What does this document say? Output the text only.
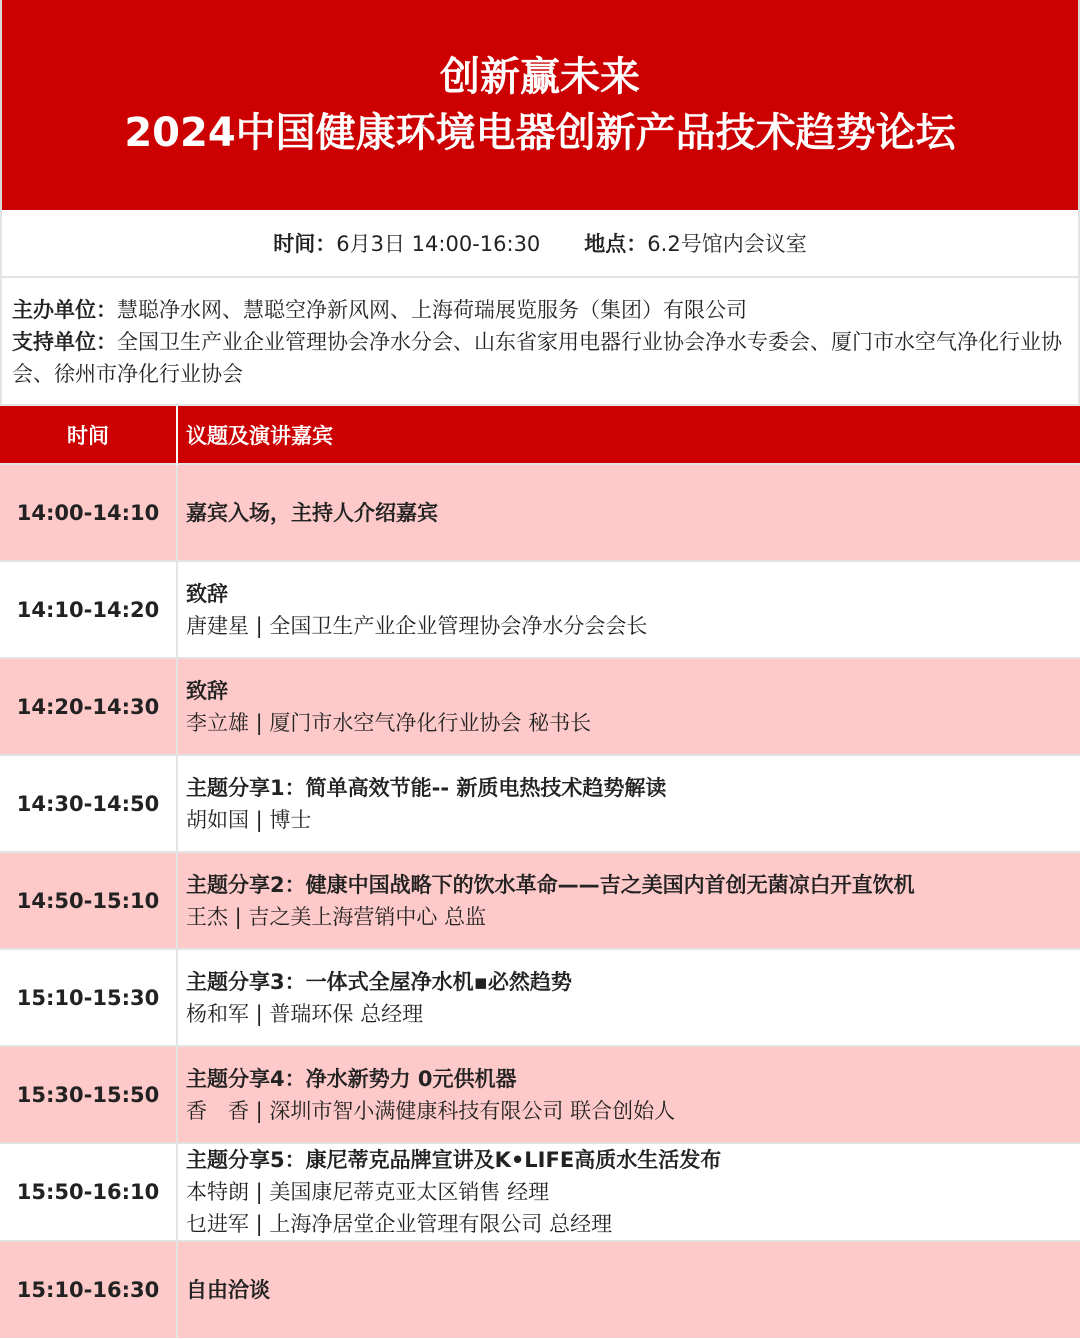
创新赢未来
2024中国健康环境电器创新产品技术趋势论坛
时间：6月3日 14:00-16:30 地点：6.2号馆内会议室
主办单位：慧聪净水网、慧聪空净新风网、上海荷瑞展览服务（集团）有限公司
支持单位：全国卫生产业企业管理协会净水分会、山东省家用电器行业协会净水专委会、厦门市水空气净化行业协会、徐州市净化行业协会
时间	议题及演讲嘉宾
14:00-14:10	嘉宾入场，主持人介绍嘉宾

14:10-14:20	致辞
唐建星 | 全国卫生产业企业管理协会净水分会会长

14:20-14:30	致辞
李立雄 | 厦门市水空气净化行业协会 秘书长

14:30-14:50	主题分享1：简单高效节能-- 新质电热技术趋势解读
胡如国 | 博士

14:50-15:10	主题分享2：健康中国战略下的饮水革命——吉之美国内首创无菌凉白开直饮机
王杰 | 吉之美上海营销中心 总监

15:10-15:30	主题分享3：一体式全屋净水机▪必然趋势
杨和军 | 普瑞环保 总经理

15:30-15:50	主题分享4：净水新势力 0元供机器
香　香 | 深圳市智小满健康科技有限公司 联合创始人

15:50-16:10	主题分享5：康尼蒂克品牌宣讲及K•LIFE高质水生活发布
本特朗 | 美国康尼蒂克亚太区销售 经理
乜进军 | 上海净居堂企业管理有限公司 总经理

15:10-16:30	自由洽谈
